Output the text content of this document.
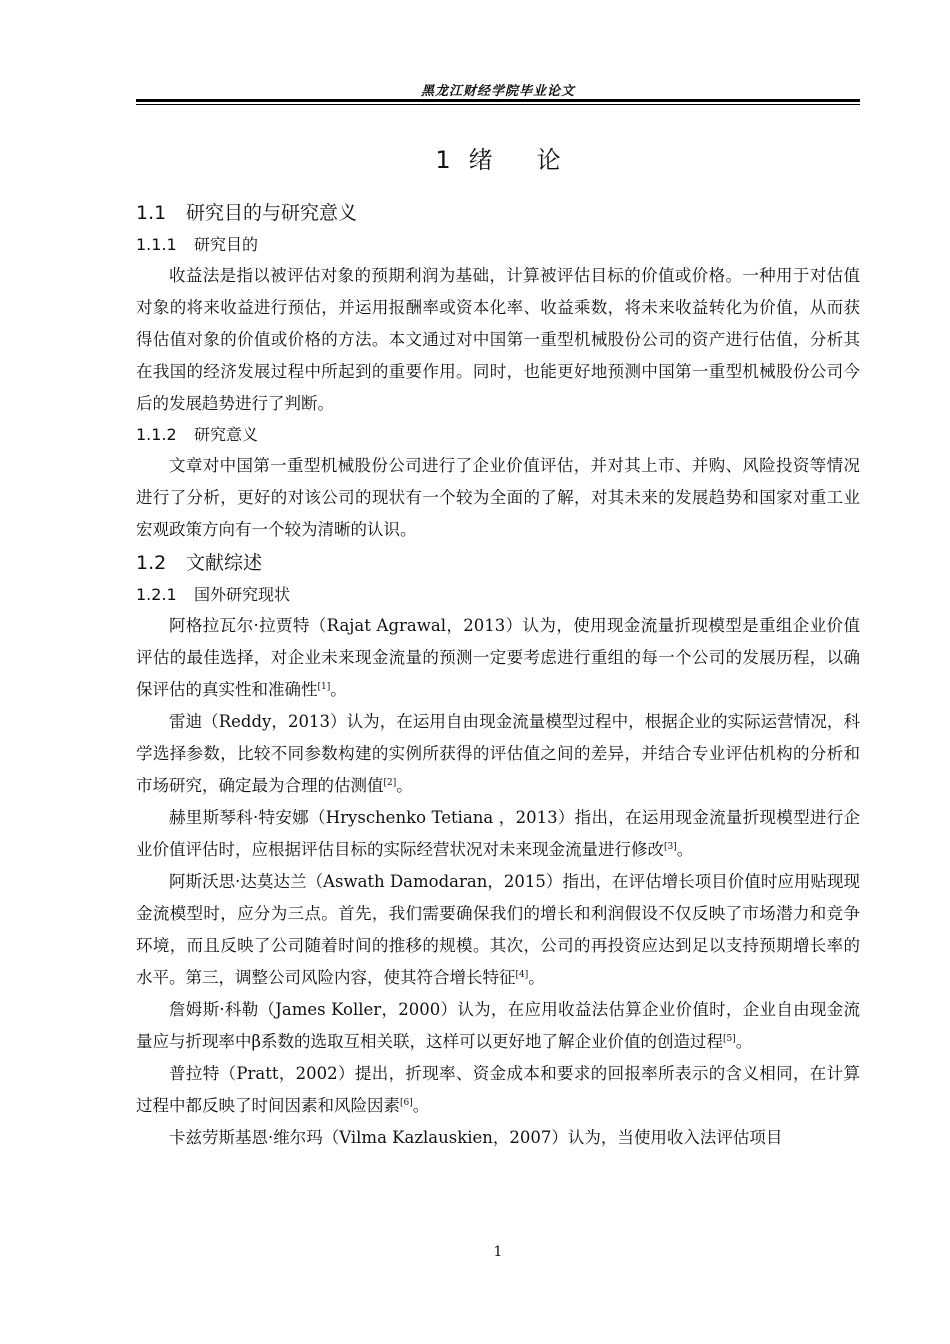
黑龙江财经学院毕业论文
1 绪 论
1.1 研究目的与研究意义
1.1.1 研究目的

收益法是指以被评估对象的预期利润为基础，计算被评估目标的价值或价格。一种用于对估值对象的将来收益进行预估，并运用报酬率或资本化率、收益乘数，将未来收益转化为价值，从而获得估值对象的价值或价格的方法。本文通过对中国第一重型机械股份公司的资产进行估值，分析其在我国的经济发展过程中所起到的重要作用。同时，也能更好地预测中国第一重型机械股份公司今后的发展趋势进行了判断。

1.1.2 研究意义

文章对中国第一重型机械股份公司进行了企业价值评估，并对其上市、并购、风险投资等情况进行了分析，更好的对该公司的现状有一个较为全面的了解，对其未来的发展趋势和国家对重工业宏观政策方向有一个较为清晰的认识。

1.2 文献综述
1.2.1 国外研究现状

阿格拉瓦尔·拉贾特（Rajat Agrawal，2013）认为，使用现金流量折现模型是重组企业价值评估的最佳选择，对企业未来现金流量的预测一定要考虑进行重组的每一个公司的发展历程，以确保评估的真实性和准确性[1]。

雷迪（Reddy，2013）认为，在运用自由现金流量模型过程中，根据企业的实际运营情况，科学选择参数，比较不同参数构建的实例所获得的评估值之间的差异，并结合专业评估机构的分析和市场研究，确定最为合理的估测值[2]。

赫里斯琴科·特安娜（Hryschenko Tetiana ，2013）指出，在运用现金流量折现模型进行企业价值评估时，应根据评估目标的实际经营状况对未来现金流量进行修改[3]。

阿斯沃思·达莫达兰（Aswath Damodaran，2015）指出，在评估增长项目价值时应用贴现现金流模型时，应分为三点。首先，我们需要确保我们的增长和利润假设不仅反映了市场潜力和竞争环境，而且反映了公司随着时间的推移的规模。其次，公司的再投资应达到足以支持预期增长率的水平。第三，调整公司风险内容，使其符合增长特征[4]。

詹姆斯·科勒（James Koller，2000）认为，在应用收益法估算企业价值时，企业自由现金流量应与折现率中β系数的选取互相关联，这样可以更好地了解企业价值的创造过程[5]。

普拉特（Pratt，2002）提出，折现率、资金成本和要求的回报率所表示的含义相同，在计算过程中都反映了时间因素和风险因素[6]。

卡兹劳斯基恩·维尔玛（Vilma Kazlauskien，2007）认为，当使用收入法评估项目

1
